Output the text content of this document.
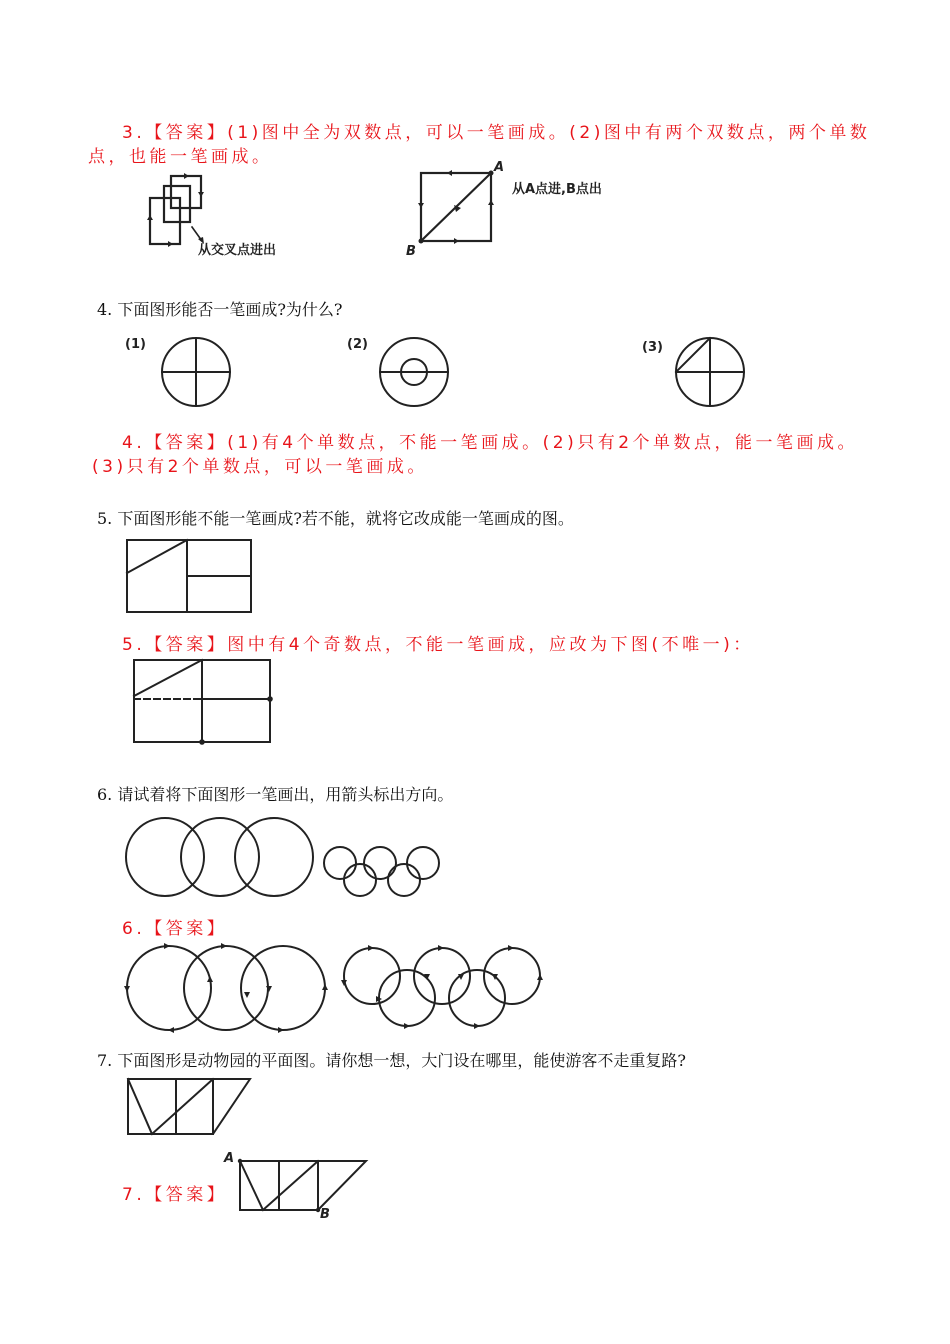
3.【答案】(1)图中全为双数点，可以一笔画成。(2)图中有两个双数点，两个单数
点，也能一笔画成。
从交叉点进出
A
B
从A点进,B点出
4. 下面图形能否一笔画成?为什么?
(1)	(2)	(3)
4.【答案】(1)有4个单数点，不能一笔画成。(2)只有2个单数点，能一笔画成。
(3)只有2个单数点，可以一笔画成。
5. 下面图形能不能一笔画成?若不能，就将它改成能一笔画成的图。
5.【答案】图中有4个奇数点，不能一笔画成，应改为下图(不唯一)：
6. 请试着将下面图形一笔画出，用箭头标出方向。
6.【答案】
7. 下面图形是动物园的平面图。请你想一想，大门设在哪里，能使游客不走重复路?
7.【答案】
A
B
